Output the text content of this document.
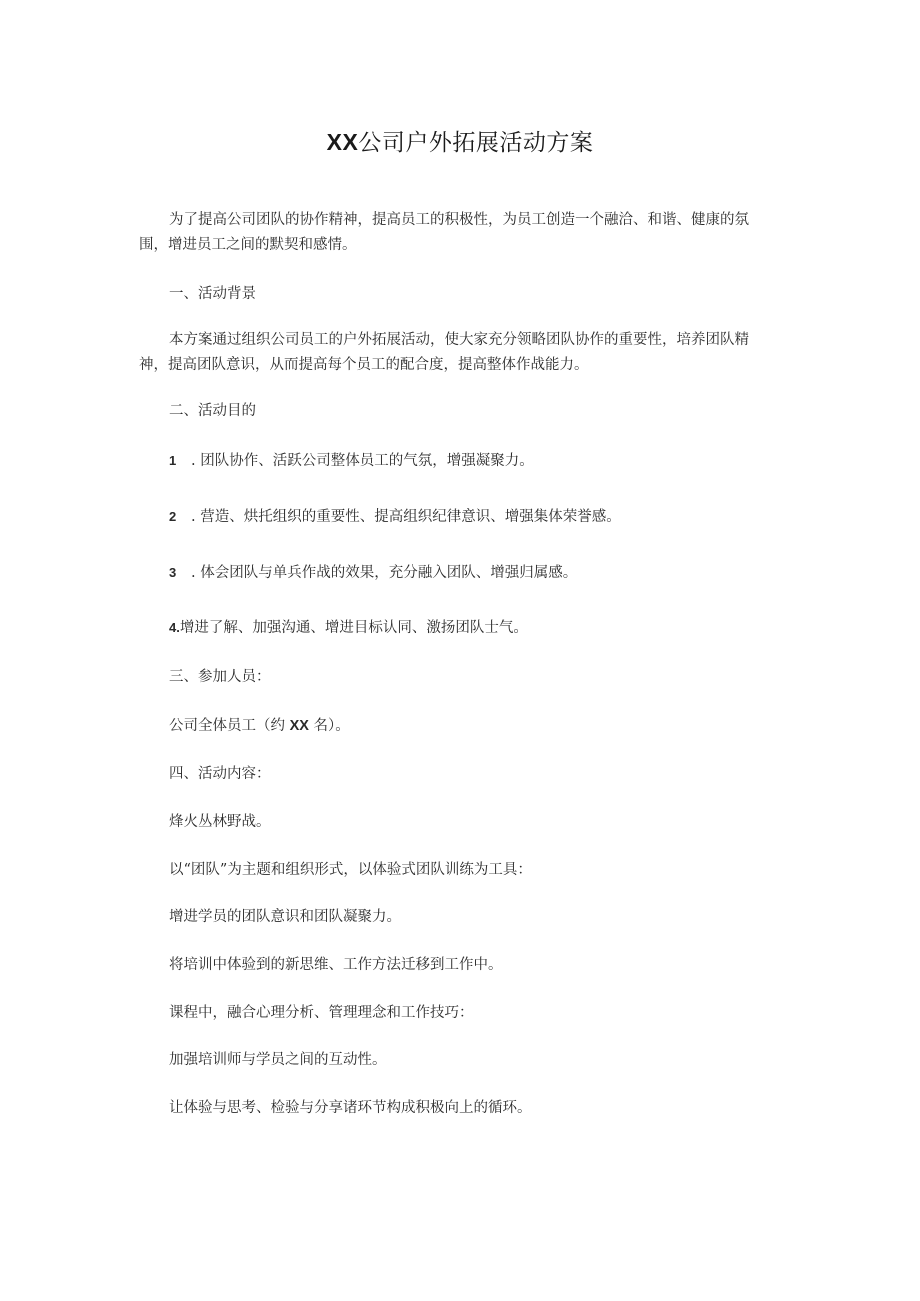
XX公司户外拓展活动方案
为了提高公司团队的协作精神，提高员工的积极性，为员工创造一个融洽、和谐、健康的氛围，增进员工之间的默契和感情。
一、活动背景
本方案通过组织公司员工的户外拓展活动，使大家充分领略团队协作的重要性，培养团队精神，提高团队意识，从而提高每个员工的配合度，提高整体作战能力。
二、活动目的
1 . 团队协作、活跃公司整体员工的气氛，增强凝聚力。
2 . 营造、烘托组织的重要性、提高组织纪律意识、增强集体荣誉感。
3 . 体会团队与单兵作战的效果，充分融入团队、增强归属感。
4.增进了解、加强沟通、增进目标认同、激扬团队士气。
三、参加人员：
公司全体员工（约 XX 名）。
四、活动内容：
烽火丛林野战。
以“团队”为主题和组织形式，以体验式团队训练为工具：
增进学员的团队意识和团队凝聚力。
将培训中体验到的新思维、工作方法迁移到工作中。
课程中，融合心理分析、管理理念和工作技巧：
加强培训师与学员之间的互动性。
让体验与思考、检验与分享诸环节构成积极向上的循环。
